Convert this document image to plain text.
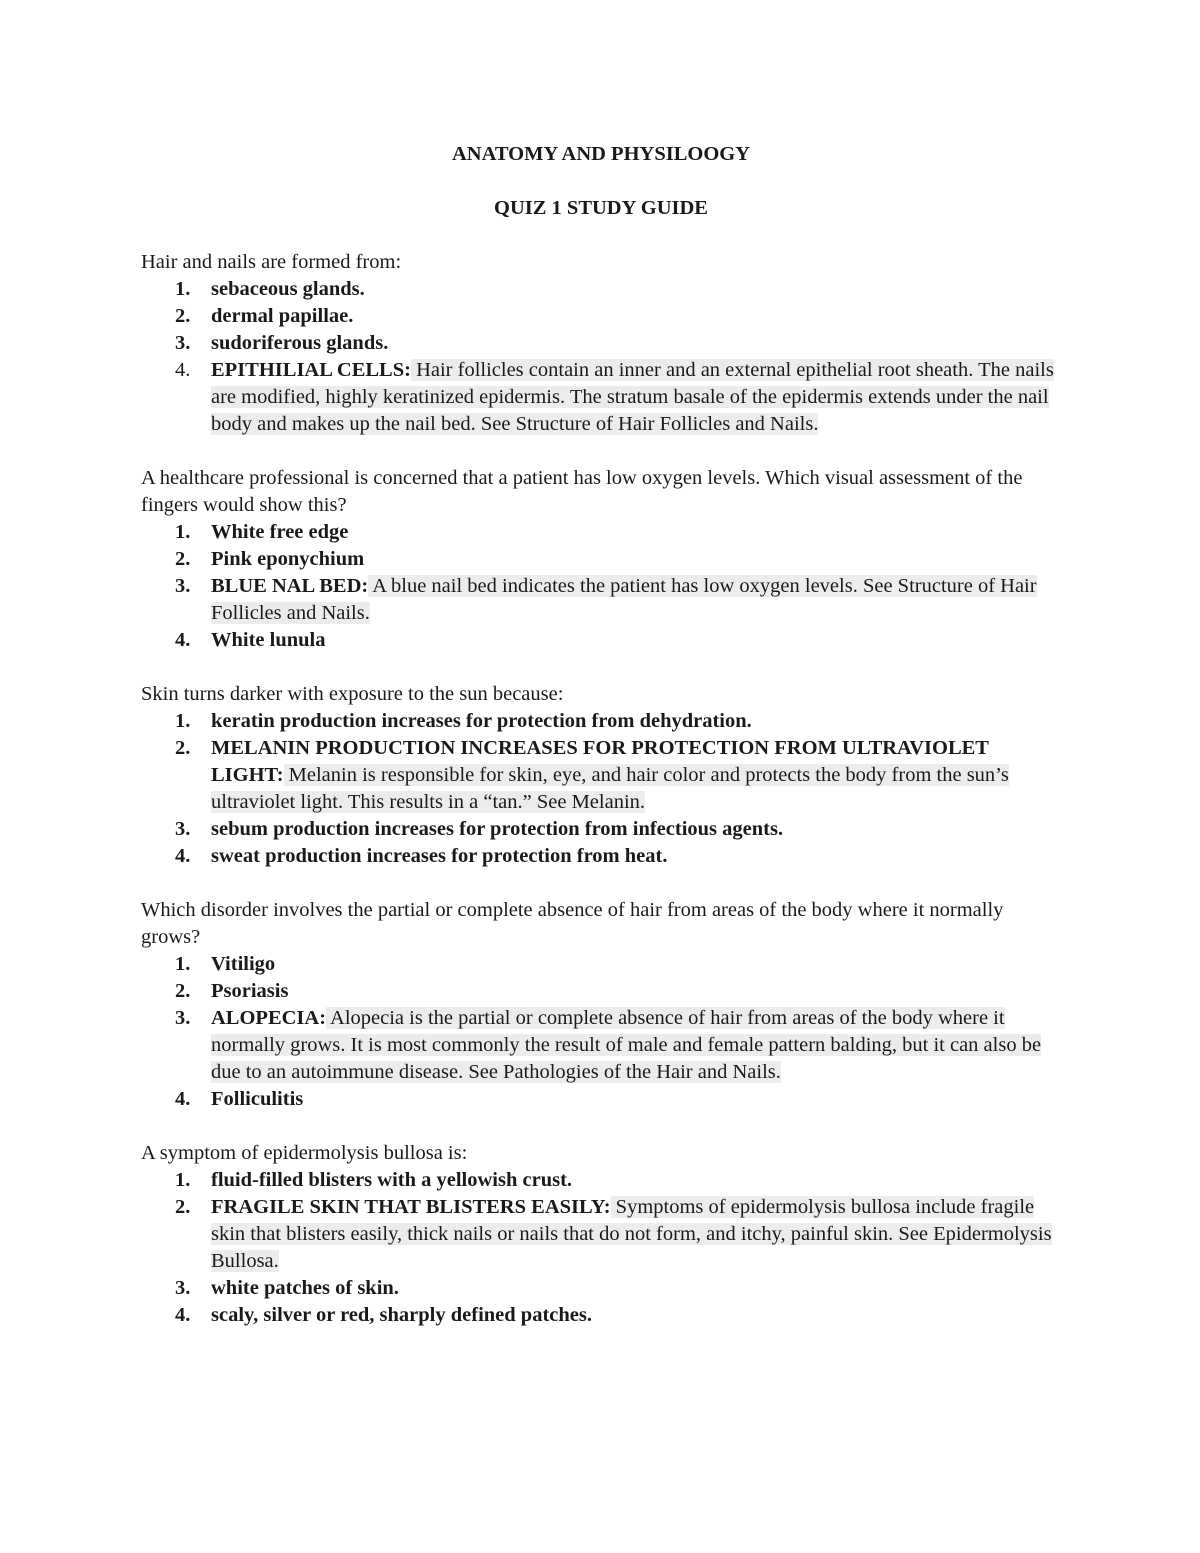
ANATOMY AND PHYSILOOGY

QUIZ 1 STUDY GUIDE

Hair and nails are formed from:

1.	sebaceous glands.
2.	dermal papillae.
3.	sudoriferous glands.
4.	EPITHILIAL CELLS: Hair follicles contain an inner and an external epithelial root sheath. The nails are modified, highly keratinized epidermis. The stratum basale of the epidermis extends under the nail body and makes up the nail bed. See Structure of Hair Follicles and Nails.

A healthcare professional is concerned that a patient has low oxygen levels. Which visual assessment of the fingers would show this?

1.	White free edge
2.	Pink eponychium
3.	BLUE NAL BED: A blue nail bed indicates the patient has low oxygen levels. See Structure of Hair Follicles and Nails.
4.	White lunula

Skin turns darker with exposure to the sun because:

1.	keratin production increases for protection from dehydration.
2.	MELANIN PRODUCTION INCREASES FOR PROTECTION FROM ULTRAVIOLET LIGHT: Melanin is responsible for skin, eye, and hair color and protects the body from the sun’s ultraviolet light. This results in a “tan.” See Melanin.
3.	sebum production increases for protection from infectious agents.
4.	sweat production increases for protection from heat.

Which disorder involves the partial or complete absence of hair from areas of the body where it normally grows?

1.	Vitiligo
2.	Psoriasis
3.	ALOPECIA: Alopecia is the partial or complete absence of hair from areas of the body where it normally grows. It is most commonly the result of male and female pattern balding, but it can also be due to an autoimmune disease. See Pathologies of the Hair and Nails.
4.	Folliculitis

A symptom of epidermolysis bullosa is:

1.	fluid-filled blisters with a yellowish crust.
2.	FRAGILE SKIN THAT BLISTERS EASILY: Symptoms of epidermolysis bullosa include fragile skin that blisters easily, thick nails or nails that do not form, and itchy, painful skin. See Epidermolysis Bullosa.
3.	white patches of skin.
4.	scaly, silver or red, sharply defined patches.
